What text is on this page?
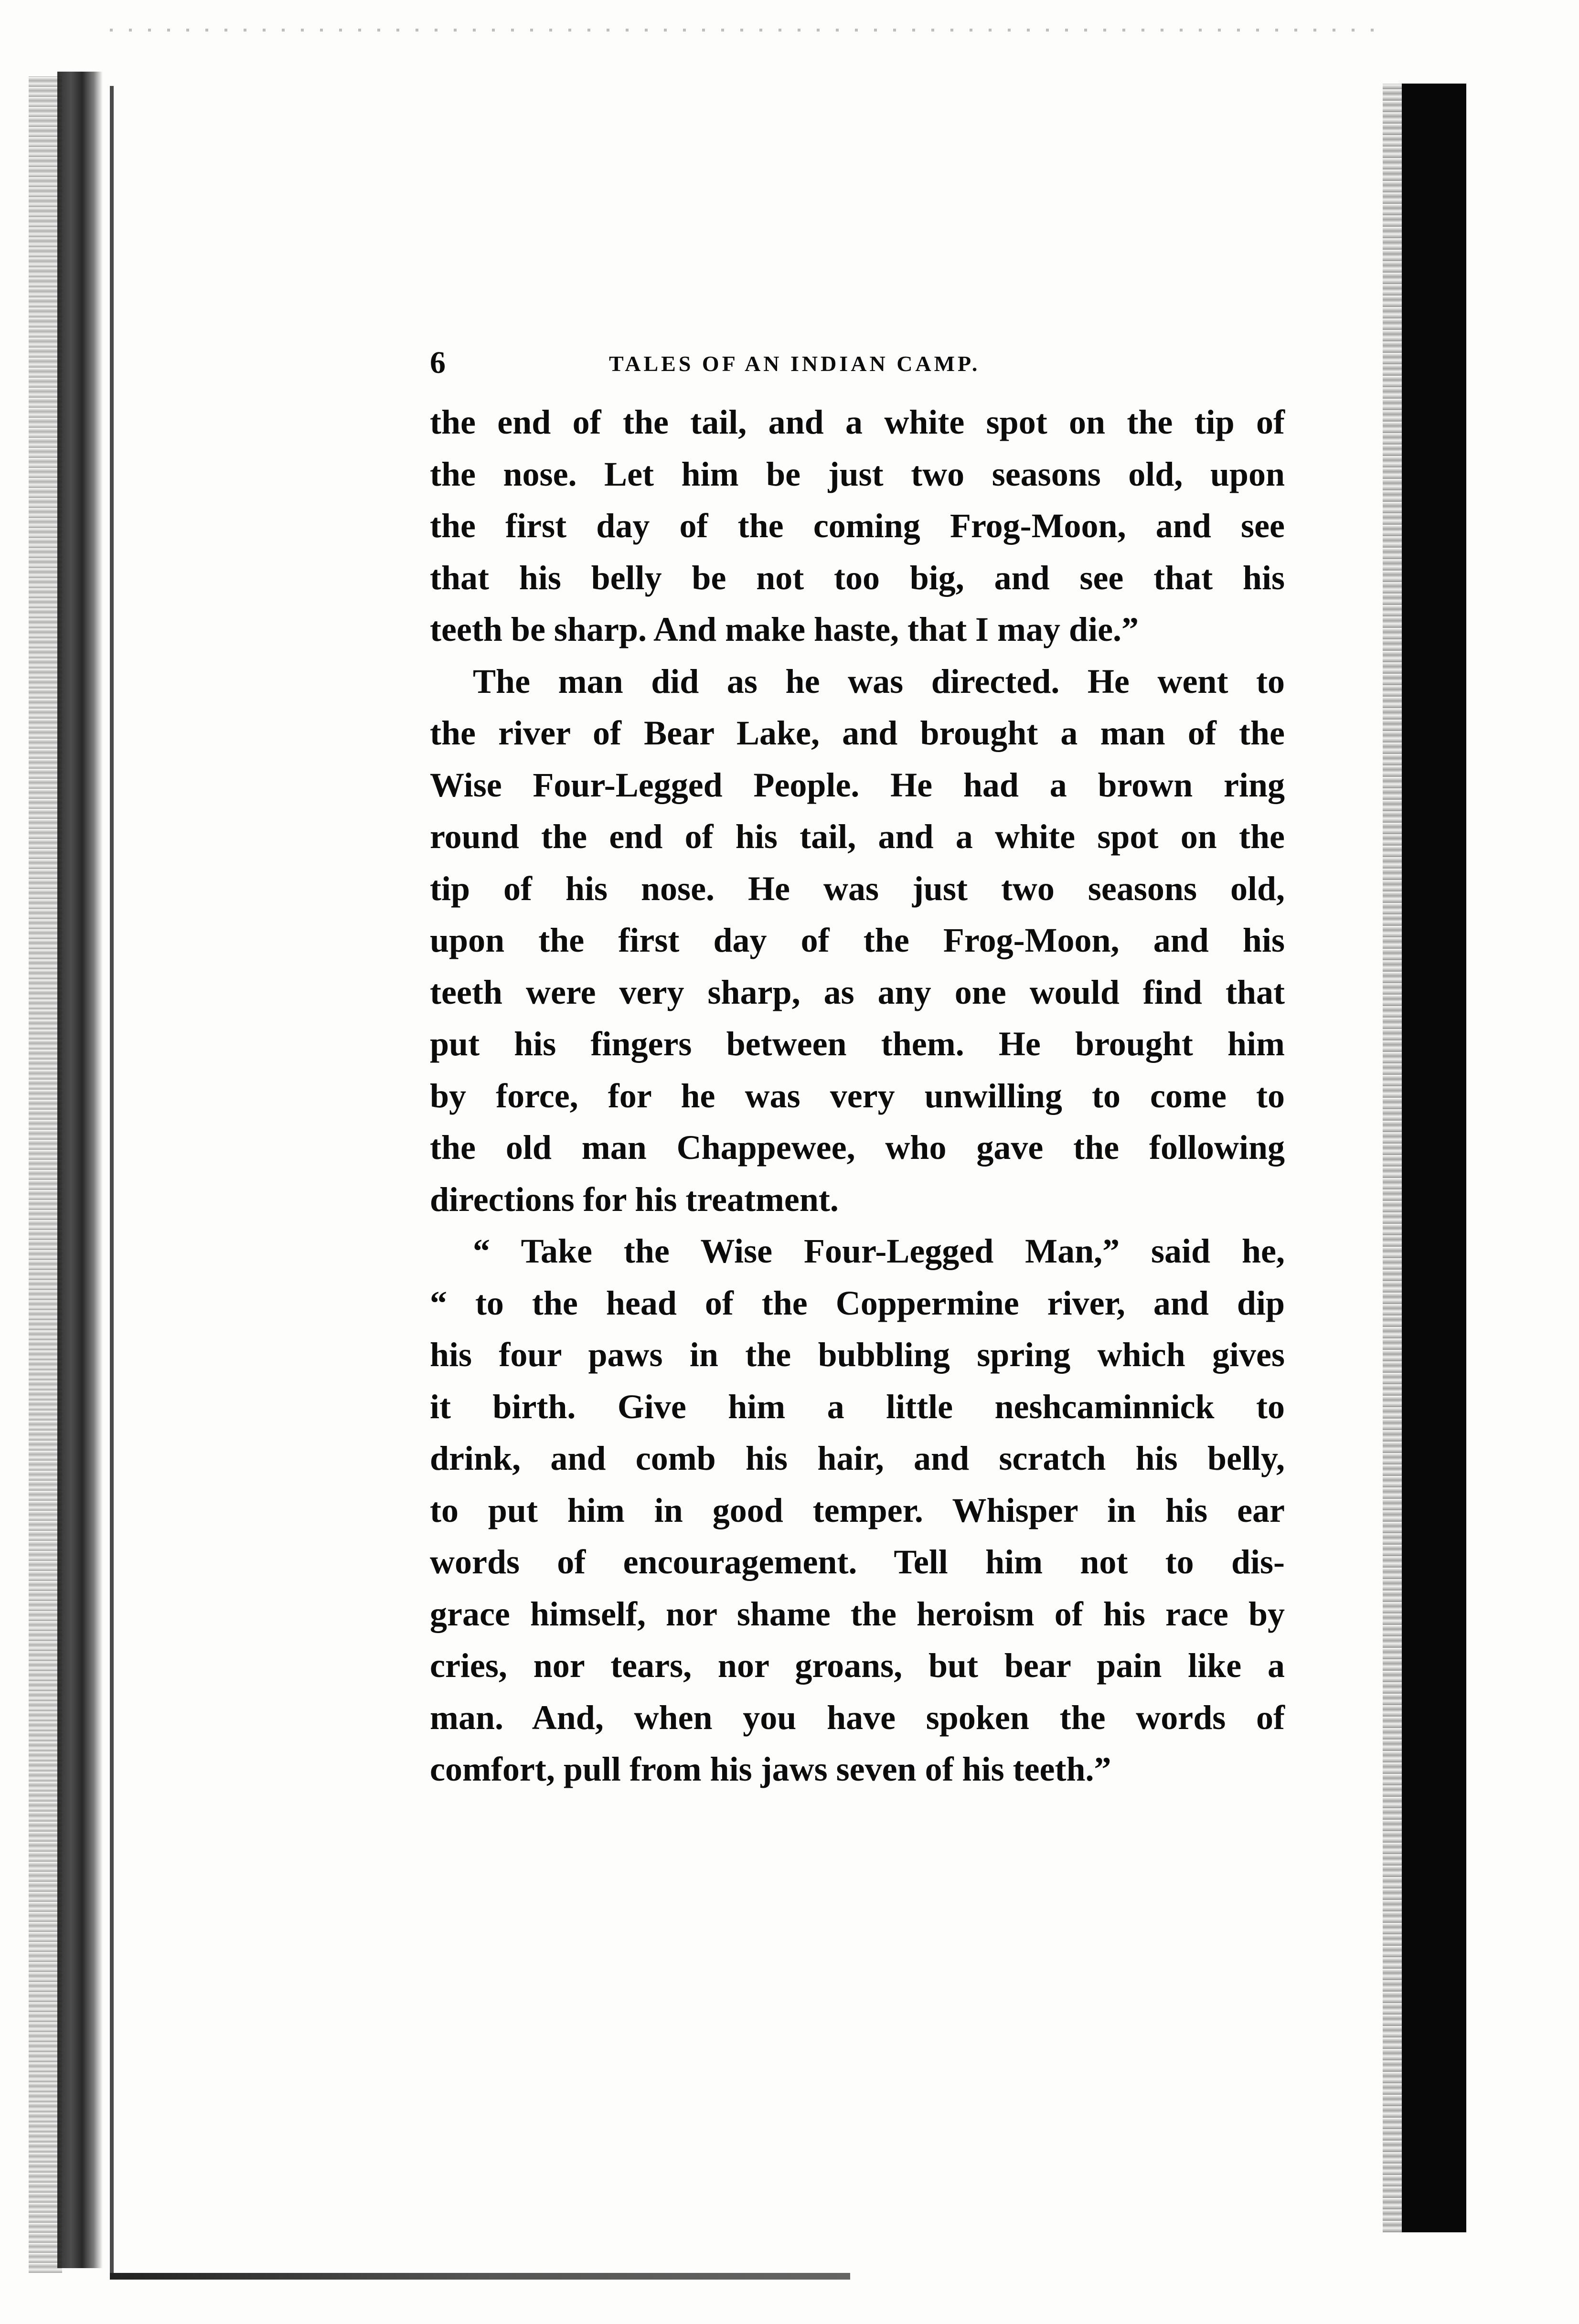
6	TALES OF AN INDIAN CAMP.
the end of the tail, and a white spot on the tip of
the nose. Let him be just two seasons old, upon
the first day of the coming Frog-Moon, and see
that his belly be not too big, and see that his
teeth be sharp. And make haste, that I may die.”
The man did as he was directed. He went to
the river of Bear Lake, and brought a man of the
Wise Four-Legged People. He had a brown ring
round the end of his tail, and a white spot on the
tip of his nose. He was just two seasons old,
upon the first day of the Frog-Moon, and his
teeth were very sharp, as any one would find that
put his fingers between them. He brought him
by force, for he was very unwilling to come to
the old man Chappewee, who gave the following
directions for his treatment.
“ Take the Wise Four-Legged Man,” said he,
“ to the head of the Coppermine river, and dip
his four paws in the bubbling spring which gives
it birth. Give him a little neshcaminnick to
drink, and comb his hair, and scratch his belly,
to put him in good temper. Whisper in his ear
words of encouragement. Tell him not to dis-
grace himself, nor shame the heroism of his race by
cries, nor tears, nor groans, but bear pain like a
man. And, when you have spoken the words of
comfort, pull from his jaws seven of his teeth.”
